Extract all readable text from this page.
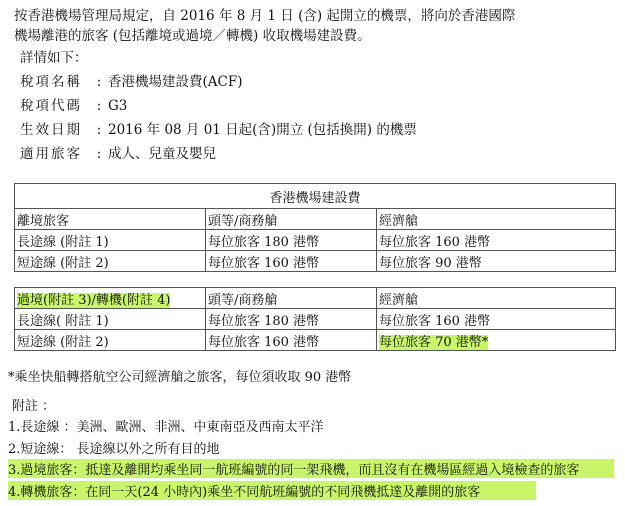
按香港機場管理局規定，自 2016 年 8 月 1 日 (含) 起開立的機票，將向於香港國際
機場離港的旅客 (包括離境或過境／轉機) 收取機場建設費。
詳情如下：
稅項名稱 : 香港機場建設費(ACF)
稅項代碼 : G3
生效日期 : 2016 年 08 月 01 日起(含)開立 (包括換開) 的機票
適用旅客 : 成人、兒童及嬰兒
香港機場建設費		
離境旅客	頭等/商務艙	經濟艙
長途線 (附註 1)	每位旅客 180 港幣	每位旅客 160 港幣
短途線 (附註 2)	每位旅客 160 港幣	每位旅客 90 港幣
過境(附註 3)/轉機(附註 4)	頭等/商務艙	經濟艙
長途線( 附註 1)	每位旅客 180 港幣	每位旅客 160 港幣
短途線 (附註 2)	每位旅客 160 港幣	每位旅客 70 港幣*
*乘坐快船轉搭航空公司經濟艙之旅客，每位須收取 90 港幣
附註 ：
1.長途線 ：美洲、歐洲、非洲、中東南亞及西南太平洋
2.短途線： 長途線以外之所有目的地
3.過境旅客：抵達及離開均乘坐同一航班編號的同一架飛機，而且沒有在機場區經過入境檢查的旅客
4.轉機旅客：在同一天(24 小時內)乘坐不同航班編號的不同飛機抵達及離開的旅客
